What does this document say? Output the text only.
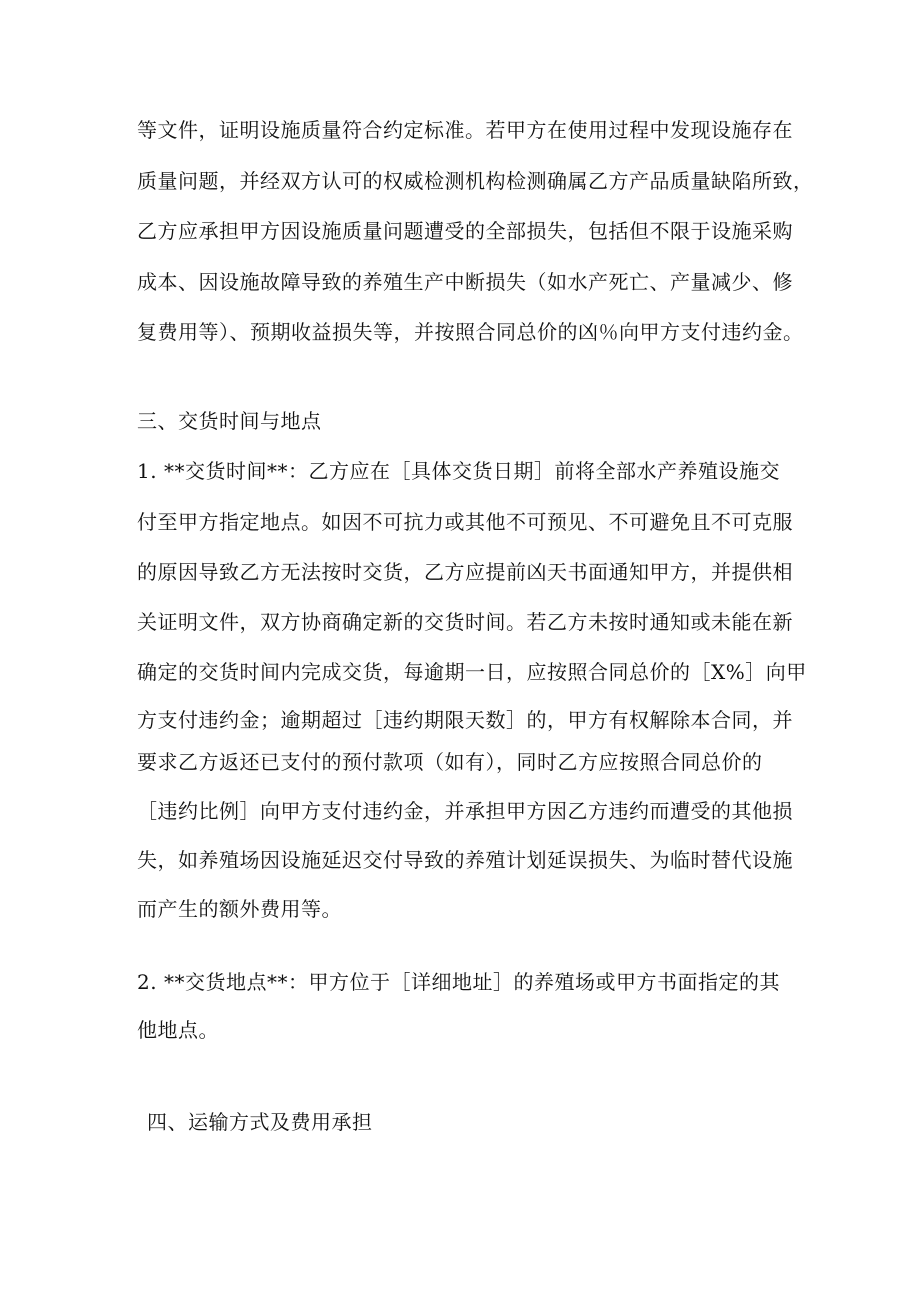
等文件，证明设施质量符合约定标准。若甲方在使用过程中发现设施存在
质量问题，并经双方认可的权威检测机构检测确属乙方产品质量缺陷所致，
乙方应承担甲方因设施质量问题遭受的全部损失，包括但不限于设施采购
成本、因设施故障导致的养殖生产中断损失（如水产死亡、产量减少、修
复费用等）、预期收益损失等，并按照合同总价的凶％向甲方支付违约金。
三、交货时间与地点
1. **交货时间**：乙方应在［具体交货日期］前将全部水产养殖设施交
付至甲方指定地点。如因不可抗力或其他不可预见、不可避免且不可克服
的原因导致乙方无法按时交货，乙方应提前凶天书面通知甲方，并提供相
关证明文件，双方协商确定新的交货时间。若乙方未按时通知或未能在新
确定的交货时间内完成交货，每逾期一日，应按照合同总价的［X%］向甲
方支付违约金；逾期超过［违约期限天数］的，甲方有权解除本合同，并
要求乙方返还已支付的预付款项（如有），同时乙方应按照合同总价的
［违约比例］向甲方支付违约金，并承担甲方因乙方违约而遭受的其他损
失，如养殖场因设施延迟交付导致的养殖计划延误损失、为临时替代设施
而产生的额外费用等。
2. **交货地点**：甲方位于［详细地址］的养殖场或甲方书面指定的其
他地点。
四、运输方式及费用承担
